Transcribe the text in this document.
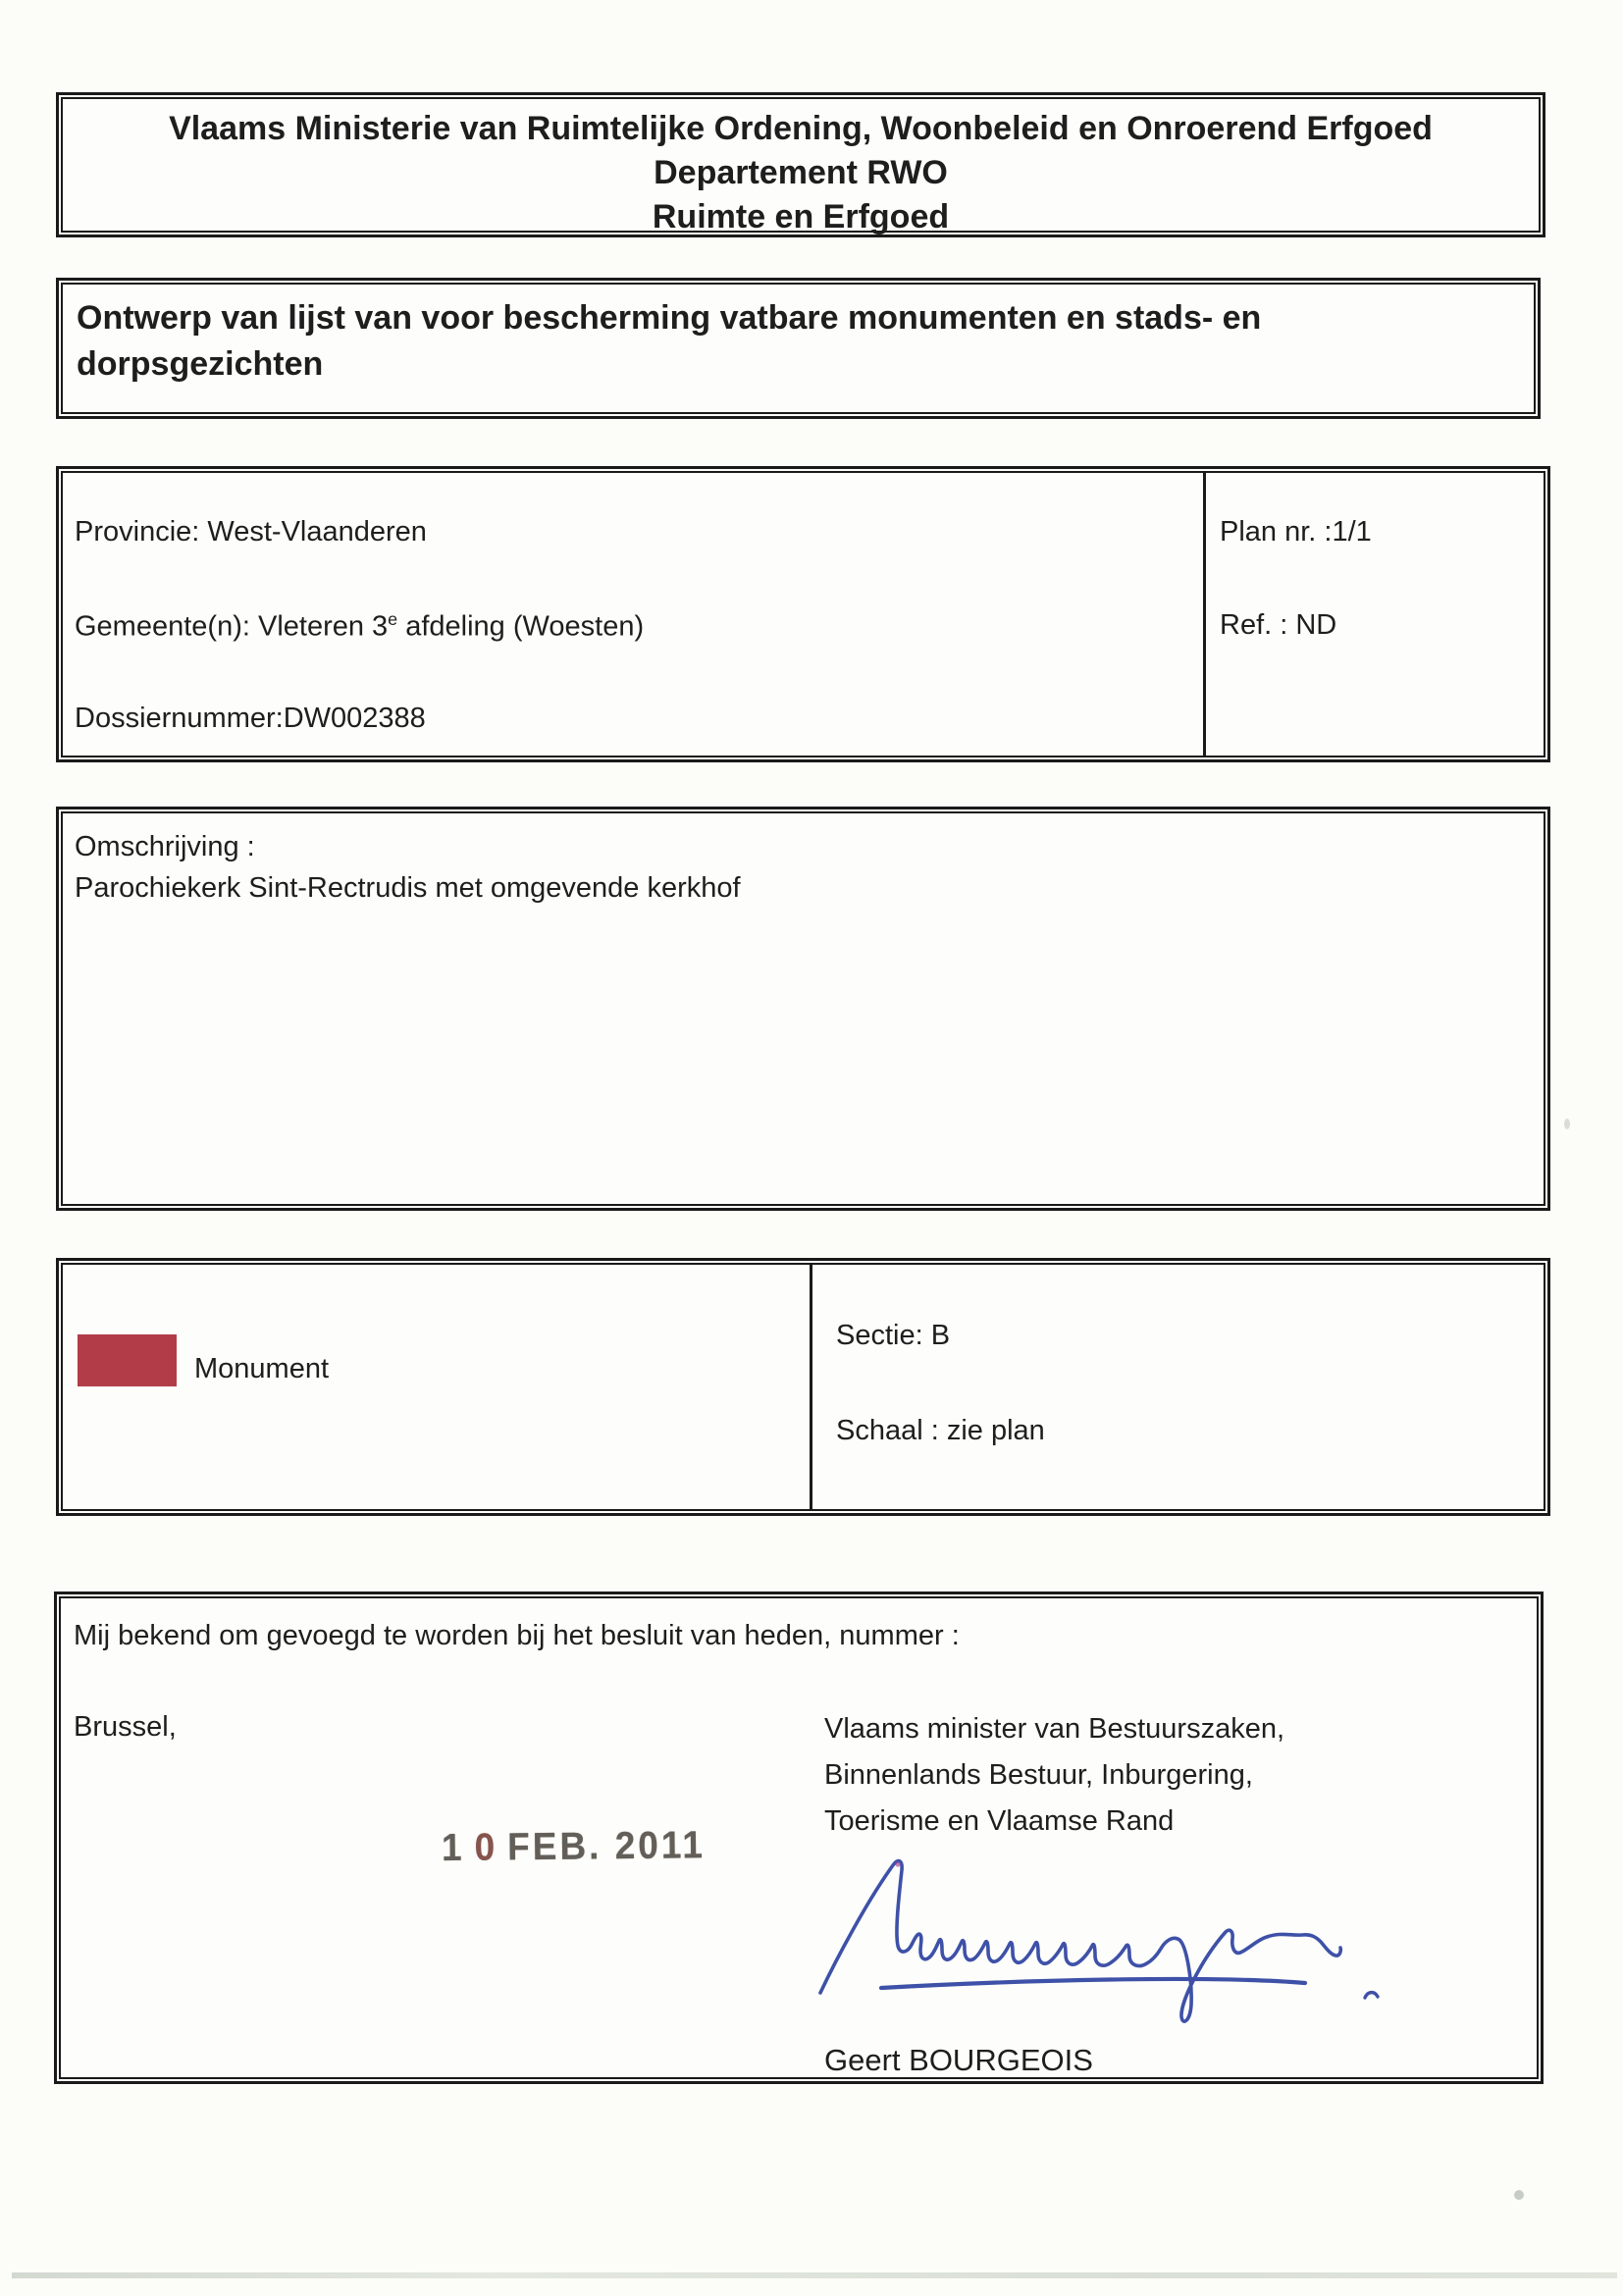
Vlaams Ministerie van Ruimtelijke Ordening, Woonbeleid en Onroerend Erfgoed
Departement RWO
Ruimte en Erfgoed
Ontwerp van lijst van voor bescherming vatbare monumenten en stads- en dorpsgezichten

Provincie: West-Vlaanderen

Gemeente(n): Vleteren 3e afdeling (Woesten)

Dossiernummer:DW002388

Plan nr. :1/1

Ref. : ND

Omschrijving :
Parochiekerk Sint-Rectrudis met omgevende kerkhof
Monument

Sectie: B

Schaal : zie plan

Mij bekend om gevoegd te worden bij het besluit van heden, nummer :
Brussel,	Vlaams minister van Bestuurszaken,
Binnenlands Bestuur, Inburgering,
Toerisme en Vlaamse Rand
1 0 FEB. 2011
Geert BOURGEOIS
